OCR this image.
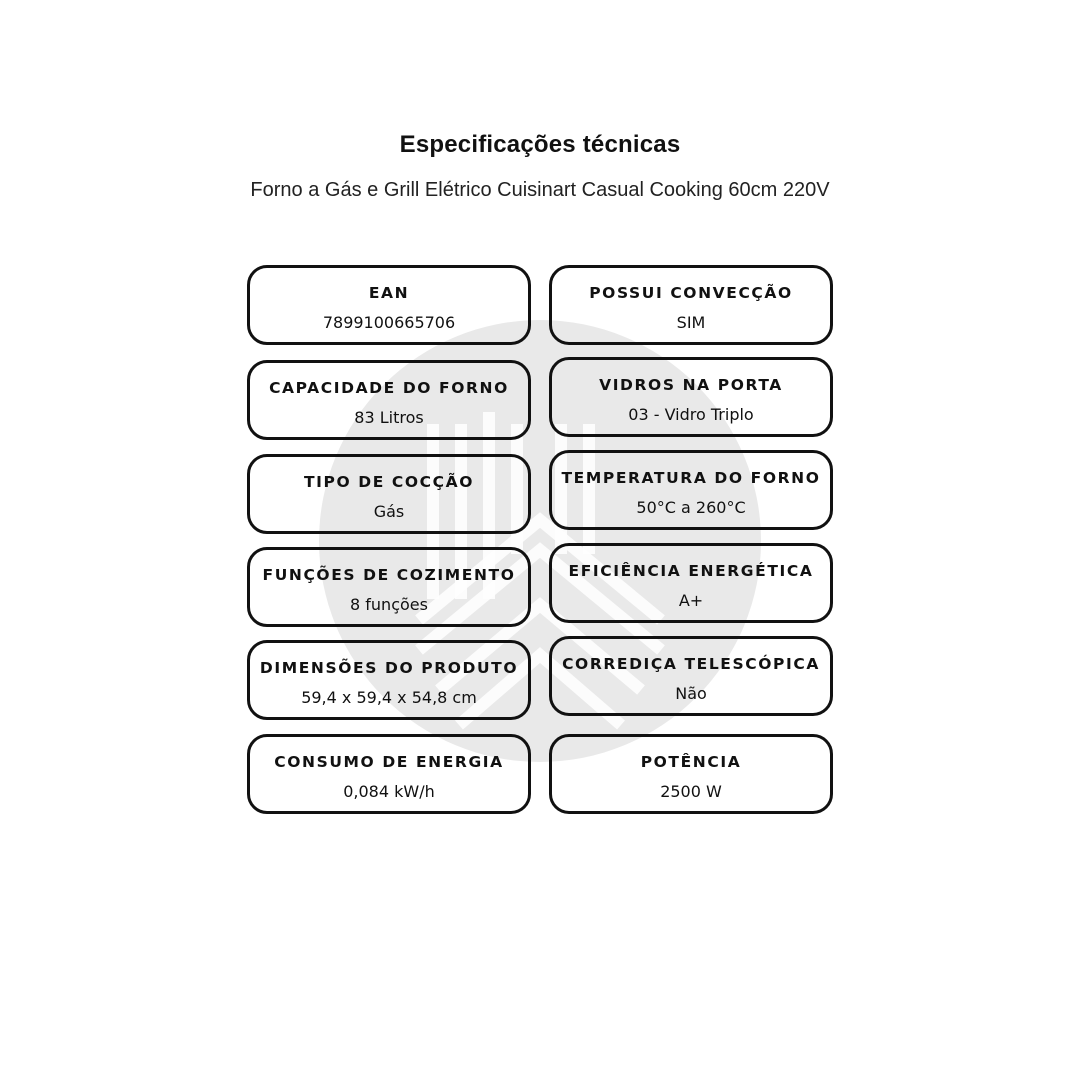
Especificações técnicas
Forno a Gás e Grill Elétrico Cuisinart Casual Cooking 60cm 220V
EAN
7899100665706
CAPACIDADE DO FORNO
83 Litros
TIPO DE COCÇÃO
Gás
FUNÇÕES DE COZIMENTO
8 funções
DIMENSÕES DO PRODUTO
59,4 x 59,4 x 54,8 cm
CONSUMO DE ENERGIA
0,084 kW/h
POSSUI CONVECÇÃO
SIM
VIDROS NA PORTA
03 - Vidro Triplo
TEMPERATURA DO FORNO
50°C a 260°C
EFICIÊNCIA ENERGÉTICA
A+
CORREDIÇA TELESCÓPICA
Não
POTÊNCIA
2500 W
